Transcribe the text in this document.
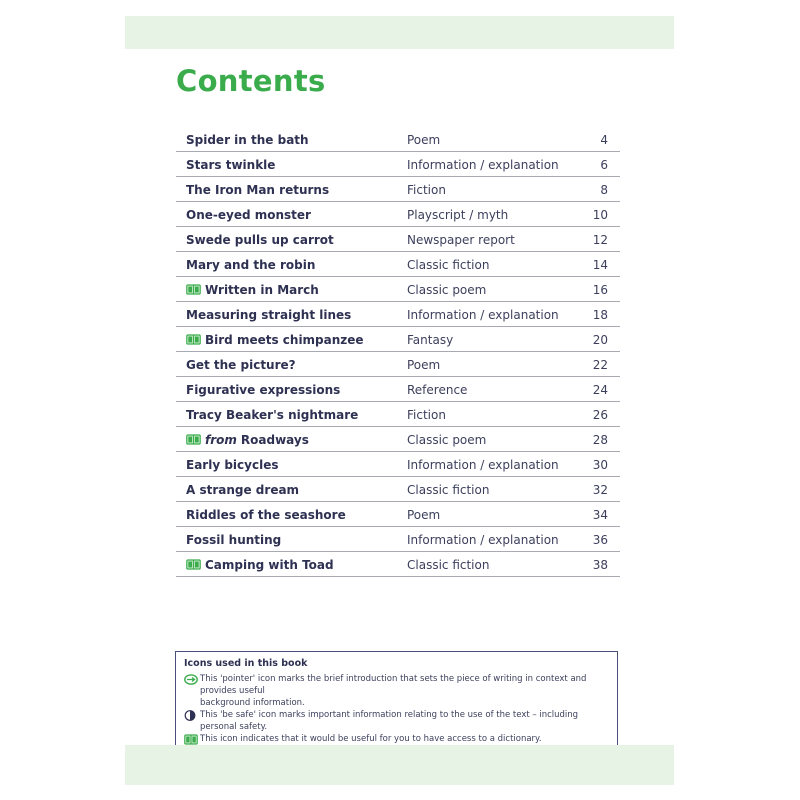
Contents
Spider in the bath	Poem	4
Stars twinkle	Information / explanation	6
The Iron Man returns	Fiction	8
One-eyed monster	Playscript / myth	10
Swede pulls up carrot	Newspaper report	12
Mary and the robin	Classic fiction	14
Written in March	Classic poem	16
Measuring straight lines	Information / explanation	18
Bird meets chimpanzee	Fantasy	20
Get the picture?	Poem	22
Figurative expressions	Reference	24
Tracy Beaker's nightmare	Fiction	26
from Roadways	Classic poem	28
Early bicycles	Information / explanation	30
A strange dream	Classic fiction	32
Riddles of the seashore	Poem	34
Fossil hunting	Information / explanation	36
Camping with Toad	Classic fiction	38
Icons used in this book
This 'pointer' icon marks the brief introduction that sets the piece of writing in context and provides useful
background information.
This 'be safe' icon marks important information relating to the use of the text – including personal safety.
This icon indicates that it would be useful for you to have access to a dictionary.
